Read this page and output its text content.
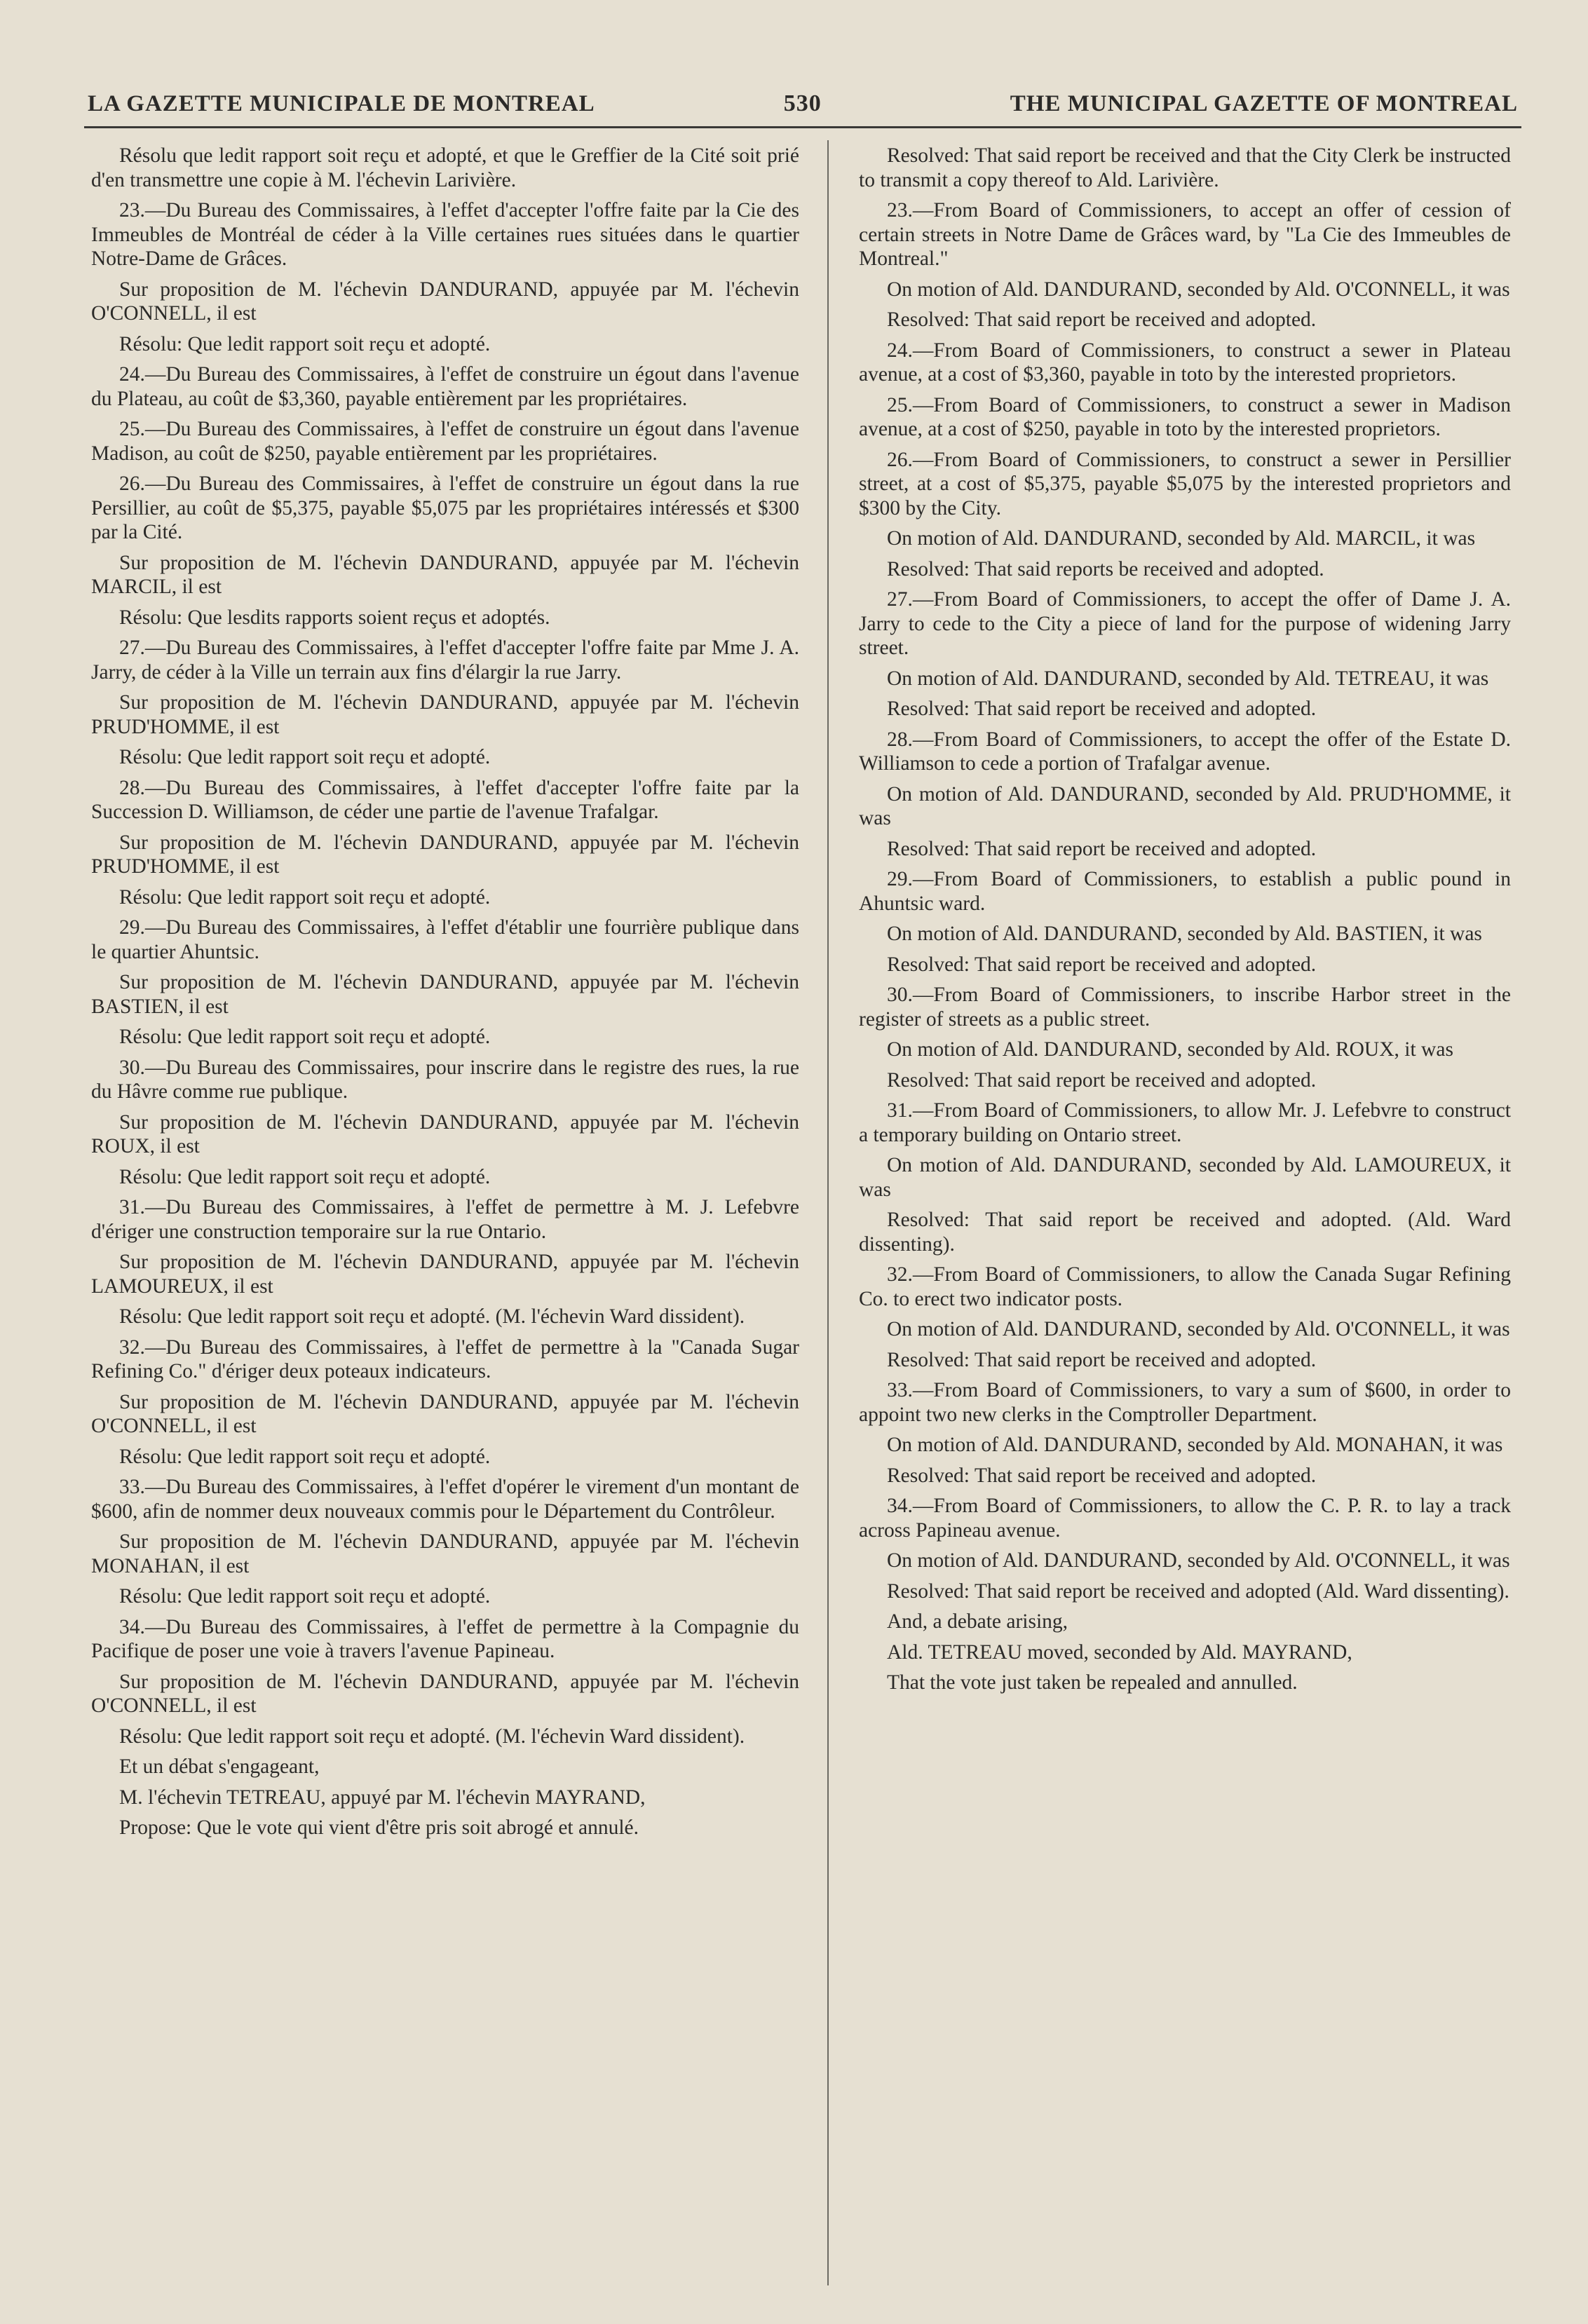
LA GAZETTE MUNICIPALE DE MONTREAL	530	THE MUNICIPAL GAZETTE OF MONTREAL

Résolu que ledit rapport soit reçu et adopté, et que le Greffier de la Cité soit prié d'en transmettre une copie à M. l'échevin Larivière.

23.—Du Bureau des Commissaires, à l'effet d'accepter l'offre faite par la Cie des Immeubles de Montréal de céder à la Ville certaines rues situées dans le quartier Notre-Dame de Grâces.

Sur proposition de M. l'échevin DANDURAND, appuyée par M. l'échevin O'CONNELL, il est

Résolu: Que ledit rapport soit reçu et adopté.

24.—Du Bureau des Commissaires, à l'effet de construire un égout dans l'avenue du Plateau, au coût de $3,360, payable entièrement par les propriétaires.

25.—Du Bureau des Commissaires, à l'effet de construire un égout dans l'avenue Madison, au coût de $250, payable entièrement par les propriétaires.

26.—Du Bureau des Commissaires, à l'effet de construire un égout dans la rue Persillier, au coût de $5,375, payable $5,075 par les propriétaires intéressés et $300 par la Cité.

Sur proposition de M. l'échevin DANDURAND, appuyée par M. l'échevin MARCIL, il est

Résolu: Que lesdits rapports soient reçus et adoptés.

27.—Du Bureau des Commissaires, à l'effet d'accepter l'offre faite par Mme J. A. Jarry, de céder à la Ville un terrain aux fins d'élargir la rue Jarry.

Sur proposition de M. l'échevin DANDURAND, appuyée par M. l'échevin PRUD'HOMME, il est

Résolu: Que ledit rapport soit reçu et adopté.

28.—Du Bureau des Commissaires, à l'effet d'accepter l'offre faite par la Succession D. Williamson, de céder une partie de l'avenue Trafalgar.

Sur proposition de M. l'échevin DANDURAND, appuyée par M. l'échevin PRUD'HOMME, il est

Résolu: Que ledit rapport soit reçu et adopté.

29.—Du Bureau des Commissaires, à l'effet d'établir une fourrière publique dans le quartier Ahuntsic.

Sur proposition de M. l'échevin DANDURAND, appuyée par M. l'échevin BASTIEN, il est

Résolu: Que ledit rapport soit reçu et adopté.

30.—Du Bureau des Commissaires, pour inscrire dans le registre des rues, la rue du Hâvre comme rue publique.

Sur proposition de M. l'échevin DANDURAND, appuyée par M. l'échevin ROUX, il est

Résolu: Que ledit rapport soit reçu et adopté.

31.—Du Bureau des Commissaires, à l'effet de permettre à M. J. Lefebvre d'ériger une construction temporaire sur la rue Ontario.

Sur proposition de M. l'échevin DANDURAND, appuyée par M. l'échevin LAMOUREUX, il est

Résolu: Que ledit rapport soit reçu et adopté. (M. l'échevin Ward dissident).

32.—Du Bureau des Commissaires, à l'effet de permettre à la "Canada Sugar Refining Co." d'ériger deux poteaux indicateurs.

Sur proposition de M. l'échevin DANDURAND, appuyée par M. l'échevin O'CONNELL, il est

Résolu: Que ledit rapport soit reçu et adopté.

33.—Du Bureau des Commissaires, à l'effet d'opérer le virement d'un montant de $600, afin de nommer deux nouveaux commis pour le Département du Contrôleur.

Sur proposition de M. l'échevin DANDURAND, appuyée par M. l'échevin MONAHAN, il est

Résolu: Que ledit rapport soit reçu et adopté.

34.—Du Bureau des Commissaires, à l'effet de permettre à la Compagnie du Pacifique de poser une voie à travers l'avenue Papineau.

Sur proposition de M. l'échevin DANDURAND, appuyée par M. l'échevin O'CONNELL, il est

Résolu: Que ledit rapport soit reçu et adopté. (M. l'échevin Ward dissident).

Et un débat s'engageant,

M. l'échevin TETREAU, appuyé par M. l'échevin MAYRAND,

Propose: Que le vote qui vient d'être pris soit abrogé et annulé.

Resolved: That said report be received and that the City Clerk be instructed to transmit a copy thereof to Ald. Larivière.

23.—From Board of Commissioners, to accept an offer of cession of certain streets in Notre Dame de Grâces ward, by "La Cie des Immeubles de Montreal."

On motion of Ald. DANDURAND, seconded by Ald. O'CONNELL, it was

Resolved: That said report be received and adopted.

24.—From Board of Commissioners, to construct a sewer in Plateau avenue, at a cost of $3,360, payable in toto by the interested proprietors.

25.—From Board of Commissioners, to construct a sewer in Madison avenue, at a cost of $250, payable in toto by the interested proprietors.

26.—From Board of Commissioners, to construct a sewer in Persillier street, at a cost of $5,375, payable $5,075 by the interested proprietors and $300 by the City.

On motion of Ald. DANDURAND, seconded by Ald. MARCIL, it was

Resolved: That said reports be received and adopted.

27.—From Board of Commissioners, to accept the offer of Dame J. A. Jarry to cede to the City a piece of land for the purpose of widening Jarry street.

On motion of Ald. DANDURAND, seconded by Ald. TETREAU, it was

Resolved: That said report be received and adopted.

28.—From Board of Commissioners, to accept the offer of the Estate D. Williamson to cede a portion of Trafalgar avenue.

On motion of Ald. DANDURAND, seconded by Ald. PRUD'HOMME, it was

Resolved: That said report be received and adopted.

29.—From Board of Commissioners, to establish a public pound in Ahuntsic ward.

On motion of Ald. DANDURAND, seconded by Ald. BASTIEN, it was

Resolved: That said report be received and adopted.

30.—From Board of Commissioners, to inscribe Harbor street in the register of streets as a public street.

On motion of Ald. DANDURAND, seconded by Ald. ROUX, it was

Resolved: That said report be received and adopted.

31.—From Board of Commissioners, to allow Mr. J. Lefebvre to construct a temporary building on Ontario street.

On motion of Ald. DANDURAND, seconded by Ald. LAMOUREUX, it was

Resolved: That said report be received and adopted. (Ald. Ward dissenting).

32.—From Board of Commissioners, to allow the Canada Sugar Refining Co. to erect two indicator posts.

On motion of Ald. DANDURAND, seconded by Ald. O'CONNELL, it was

Resolved: That said report be received and adopted.

33.—From Board of Commissioners, to vary a sum of $600, in order to appoint two new clerks in the Comptroller Department.

On motion of Ald. DANDURAND, seconded by Ald. MONAHAN, it was

Resolved: That said report be received and adopted.

34.—From Board of Commissioners, to allow the C. P. R. to lay a track across Papineau avenue.

On motion of Ald. DANDURAND, seconded by Ald. O'CONNELL, it was

Resolved: That said report be received and adopted (Ald. Ward dissenting).

And, a debate arising,

Ald. TETREAU moved, seconded by Ald. MAYRAND,

That the vote just taken be repealed and annulled.
